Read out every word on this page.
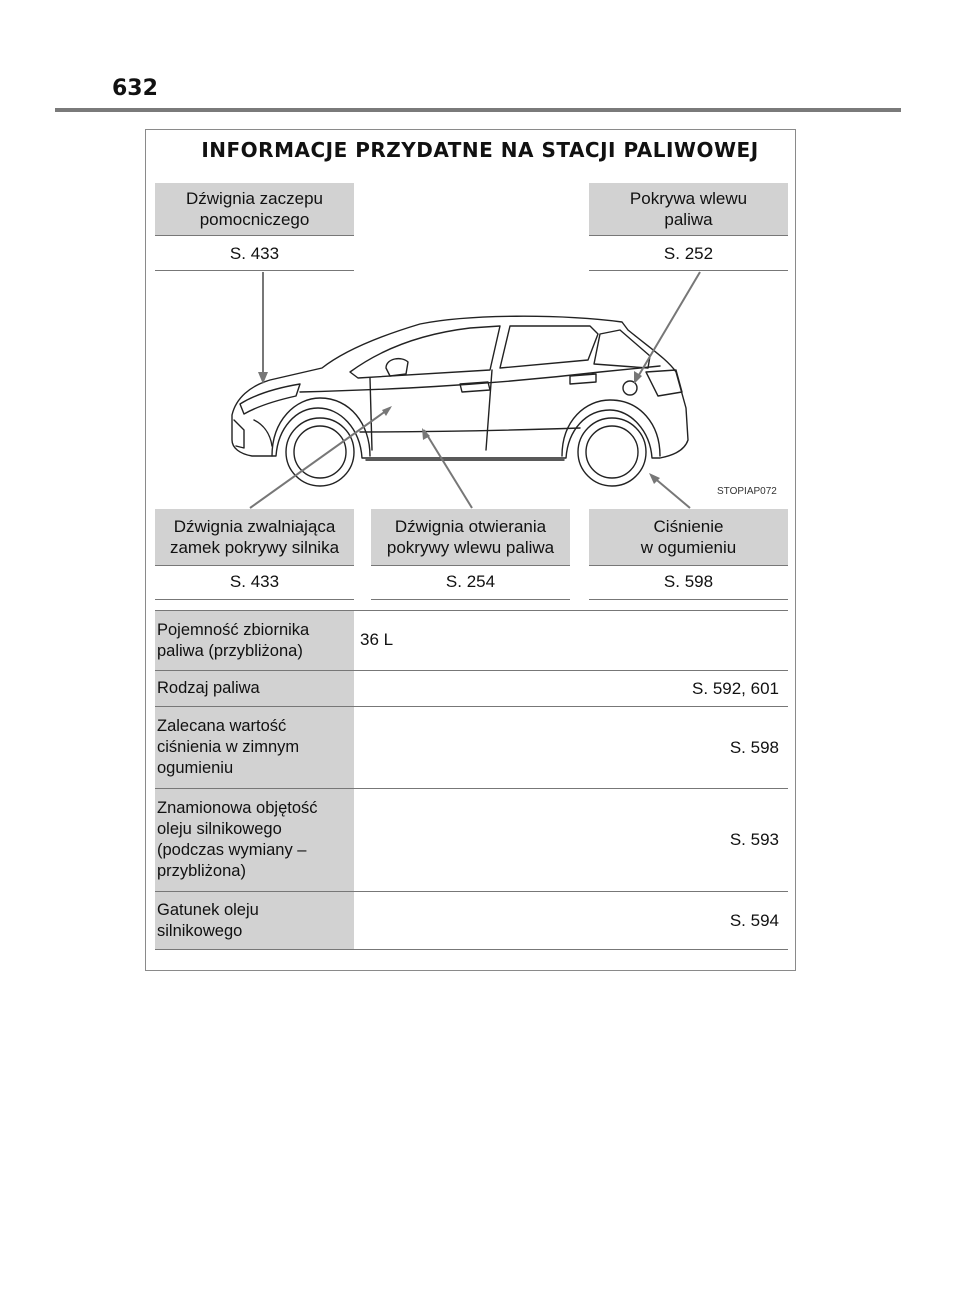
632
INFORMACJE PRZYDATNE NA STACJI PALIWOWEJ
Dźwignia zaczepu
pomocniczego
S. 433
Pokrywa wlewu
paliwa
S. 252
STOPIAP072
Dźwignia zwalniająca
zamek pokrywy silnika
S. 433
Dźwignia otwierania
pokrywy wlewu paliwa
S. 254
Ciśnienie
w ogumieniu
S. 598
Pojemność zbiornika
paliwa (przybliżona)
36 L
Rodzaj paliwa	S. 592, 601
Zalecana wartość
ciśnienia w zimnym
ogumieniu
S. 598
Znamionowa objętość
oleju silnikowego
(podczas wymiany –
przybliżona)
S. 593
Gatunek oleju
silnikowego
S. 594
